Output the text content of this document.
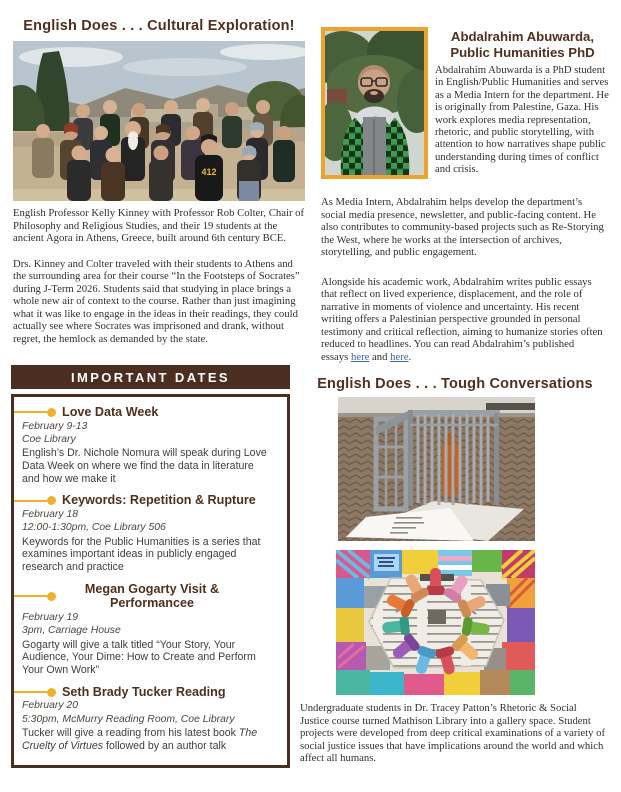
English Does . . . Cultural Exploration!
412

English Professor Kelly Kinney with Professor Rob Colter, Chair of Philosophy and Religious Studies, and their 19 students at the ancient Agora in Athens, Greece, built around 6th century BCE.

Drs. Kinney and Colter traveled with their students to Athens and the surrounding area for their course “In the Footsteps of Socrates” during J-Term 2026. Students said that studying in place brings a whole new air of context to the course. Rather than just imagining what it was like to engage in the ideas in their readings, they could actually see where Socrates was imprisoned and drank, without regret, the hemlock as demanded by the state.

IMPORTANT DATES
Love Data Week
February 9-13
Coe Library
English’s Dr. Nichole Nomura will speak during Love Data Week on where we find the data in literature and how we make it
Keywords: Repetition & Rupture
February 18
12:00-1:30pm, Coe Library 506
Keywords for the Public Humanities is a series that examines important ideas in publicly engaged research and practice
Megan Gogarty Visit & Performancee
February 19
3pm, Carriage House
Gogarty will give a talk titled “Your Story, Your Audience, Your Dime: How to Create and Perform Your Own Work”
Seth Brady Tucker Reading
February 20
5:30pm, McMurry Reading Room, Coe Library
Tucker will give a reading from his latest book The Cruelty of Virtues followed by an author talk
Abdalrahim Abuwarda,
Public Humanities PhD

Abdalrahim Abuwarda is a PhD student in English/Public Humanities and serves as a Media Intern for the department. He is originally from Palestine, Gaza. His work explores media representation, rhetoric, and public storytelling, with attention to how narratives shape public understanding during times of conflict and crisis.

As Media Intern, Abdalrahim helps develop the department’s social media presence, newsletter, and public-facing content. He also contributes to community-based projects such as Re-Storying the West, where he works at the intersection of archives, storytelling, and public engagement.

Alongside his academic work, Abdalrahim writes public essays that reflect on lived experience, displacement, and the role of narrative in moments of violence and uncertainty. His recent writing offers a Palestinian perspective grounded in personal testimony and critical reflection, aiming to humanize stories often reduced to headlines. You can read Abdalrahim’s published essays here and here.

English Does . . . Tough Conversations

Undergraduate students in Dr. Tracey Patton’s Rhetoric & Social Justice course turned Mathison Library into a gallery space. Student projects were developed from deep critical examinations of a variety of social justice issues that have implications around the world and which affect all humans.
